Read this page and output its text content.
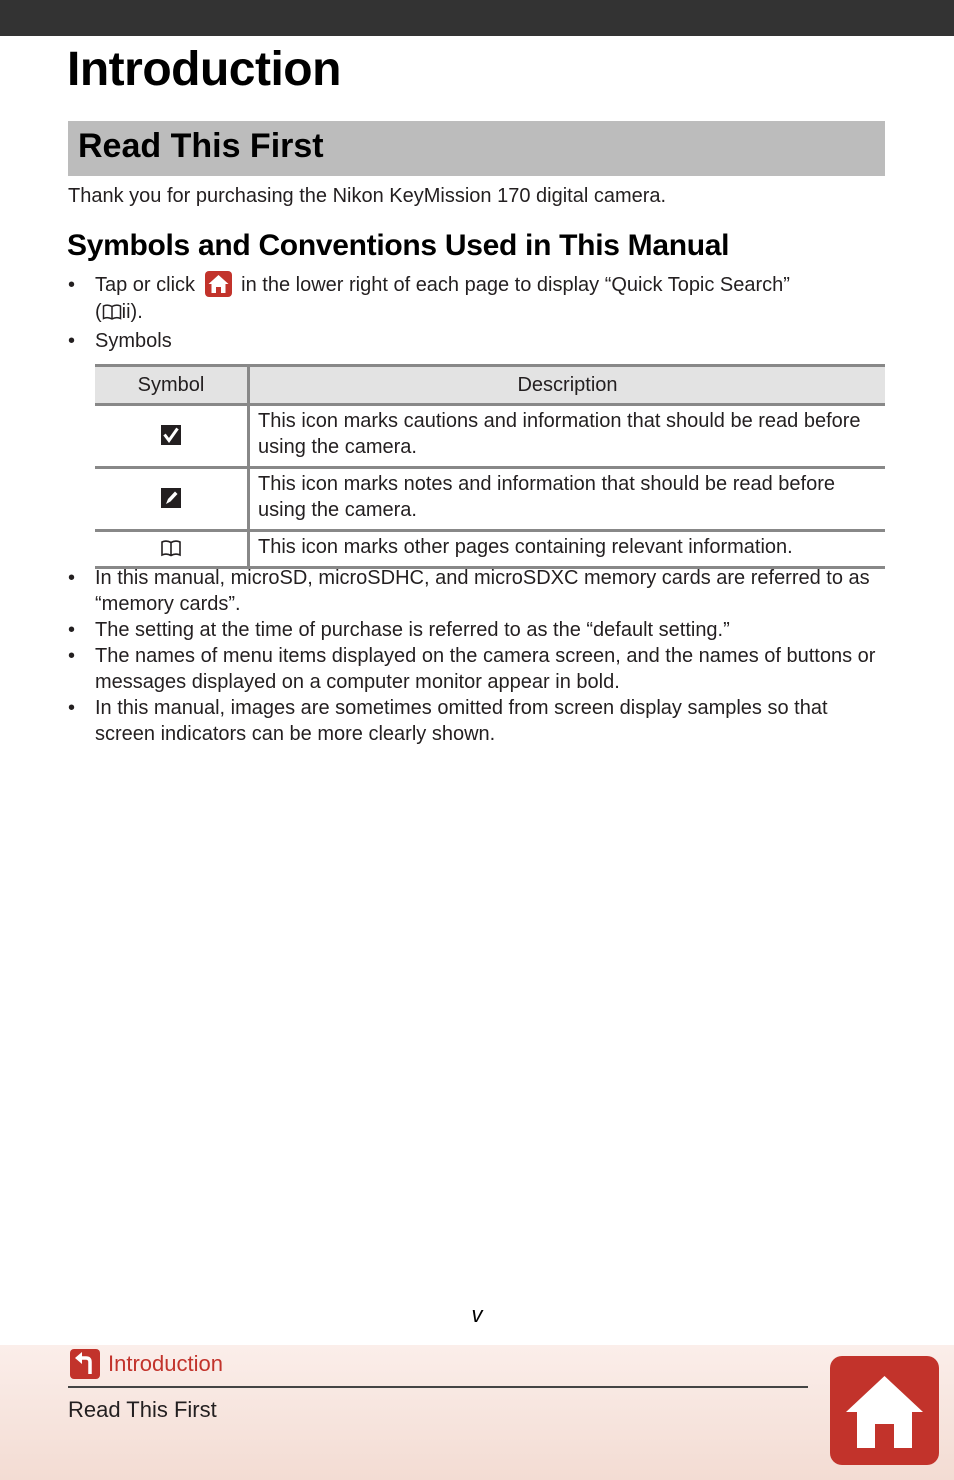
Introduction
Read This First
Thank you for purchasing the Nikon KeyMission 170 digital camera.
Symbols and Conventions Used in This Manual
• Tap or click in the lower right of each page to display “Quick Topic Search”
( ii).
• Symbols
Symbol	Description
	This icon marks cautions and information that should be read before using the camera.
	This icon marks notes and information that should be read before using the camera.
	This icon marks other pages containing relevant information.
• In this manual, microSD, microSDHC, and microSDXC memory cards are referred to as “memory cards”.
• The setting at the time of purchase is referred to as the “default setting.”
• The names of menu items displayed on the camera screen, and the names of buttons or messages displayed on a computer monitor appear in bold.
• In this manual, images are sometimes omitted from screen display samples so that screen indicators can be more clearly shown.
v
Introduction
Read This First
